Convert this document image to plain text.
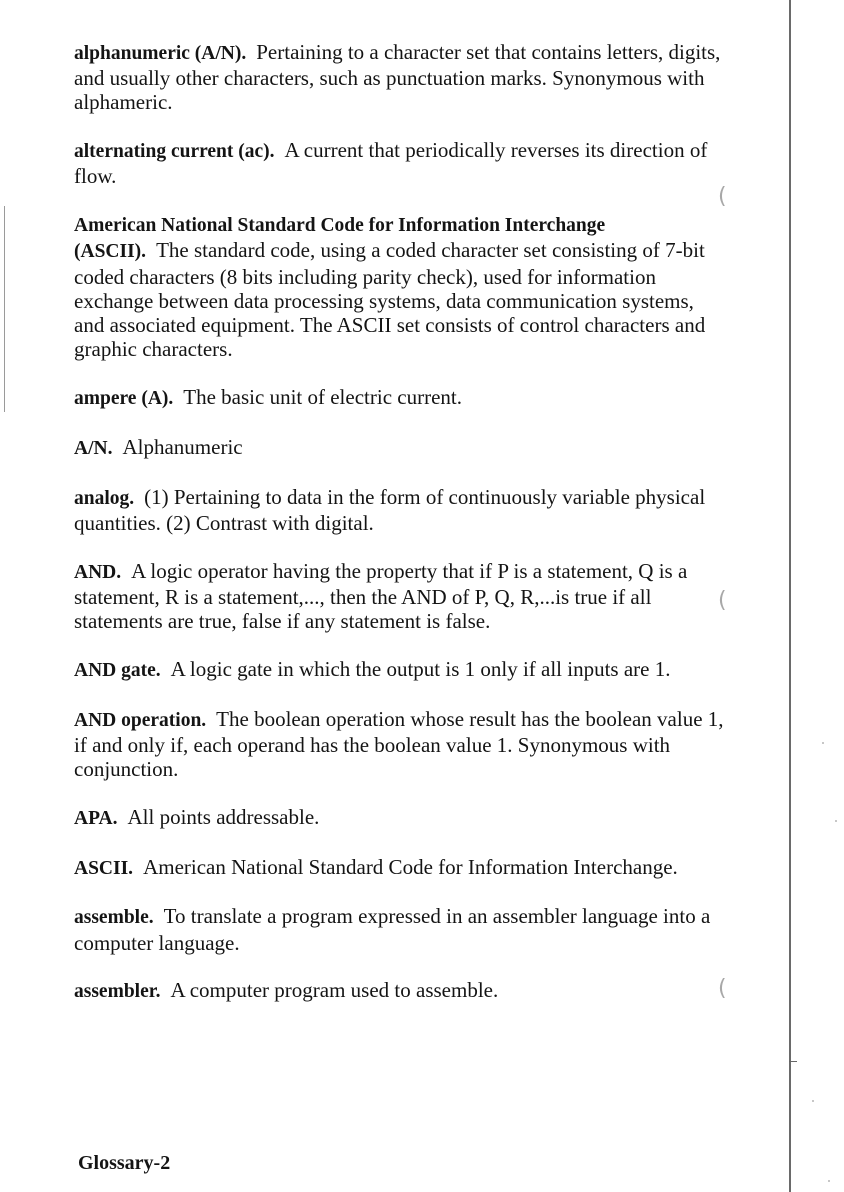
(
(
(

alphanumeric (A/N). Pertaining to a character set that contains letters, digits, and usually other characters, such as punctuation marks. Synonymous with alphameric.

alternating current (ac). A current that periodically reverses its direction of flow.

American National Standard Code for Information Interchange (ASCII). The standard code, using a coded character set consisting of 7-bit coded characters (8 bits including parity check), used for information exchange between data processing systems, data communication systems, and associated equipment. The ASCII set consists of control characters and graphic characters.

ampere (A). The basic unit of electric current.

A/N. Alphanumeric

analog. (1) Pertaining to data in the form of continuously variable physical quantities. (2) Contrast with digital.

AND. A logic operator having the property that if P is a statement, Q is a statement, R is a statement,..., then the AND of P, Q, R,...is true if all statements are true, false if any statement is false.

AND gate. A logic gate in which the output is 1 only if all inputs are 1.

AND operation. The boolean operation whose result has the boolean value 1, if and only if, each operand has the boolean value 1. Synonymous with conjunction.

APA. All points addressable.

ASCII. American National Standard Code for Information Interchange.

assemble. To translate a program expressed in an assembler language into a computer language.

assembler. A computer program used to assemble.

Glossary-2
